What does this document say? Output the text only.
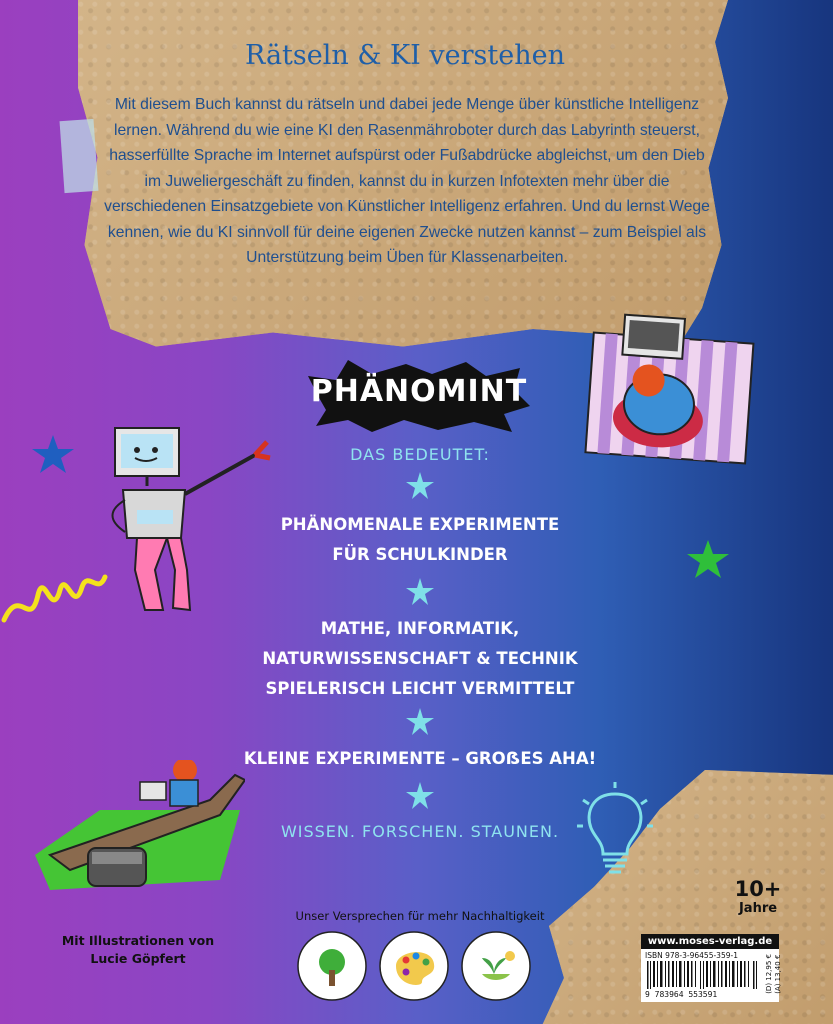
Rätseln & KI verstehen
Mit diesem Buch kannst du rätseln und dabei jede Menge über künstliche Intelligenz lernen. Während du wie eine KI den Rasenmähroboter durch das Labyrinth steuerst, hasserfüllte Sprache im Internet aufspürst oder Fußabdrücke abgleichst, um den Dieb im Juweliergeschäft zu finden, kannst du in kurzen Infotexten mehr über die verschiedenen Einsatzgebiete von Künstlicher Intelligenz erfahren. Und du lernst Wege kennen, wie du KI sinnvoll für deine eigenen Zwecke nutzen kannst – zum Beispiel als Unterstützung beim Üben für Klassenarbeiten.
PHÄNOMINT
DAS BEDEUTET:
PHÄNOMENALE EXPERIMENTE
FÜR SCHULKINDER
MATHE, INFORMATIK,
NATURWISSENSCHAFT & TECHNIK
SPIELERISCH LEICHT VERMITTELT
KLEINE EXPERIMENTE – GROẞES AHA!
WISSEN. FORSCHEN. STAUNEN.
10+
Jahre
Mit Illustrationen von
Lucie Göpfert
Unser Versprechen für mehr Nachhaltigkeit
www.moses-verlag.de
ISBN 978-3-96455-359-1
9 783964 553591
(D) 12,95 €
(A) 13,40 €
